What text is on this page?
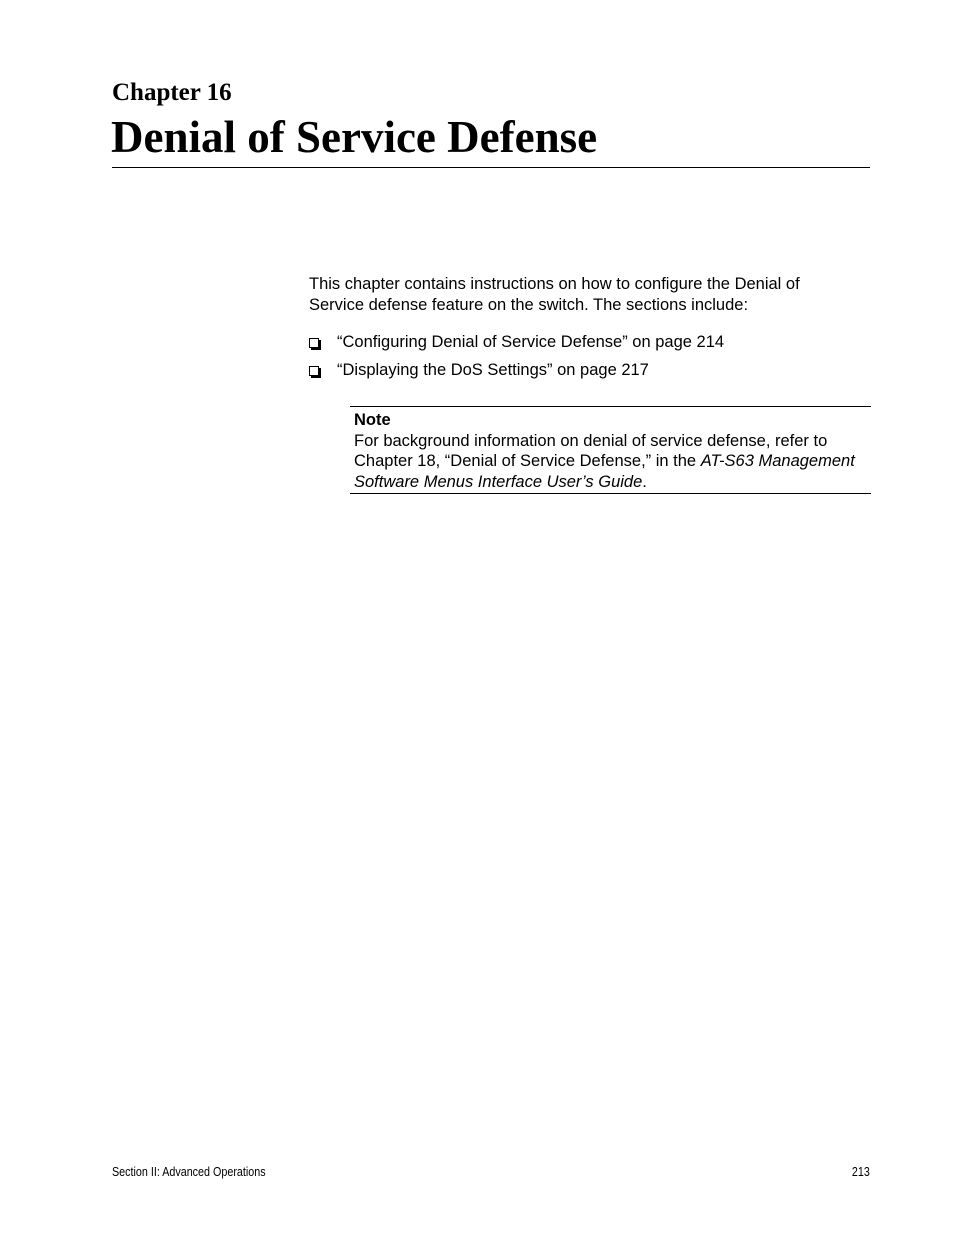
Chapter 16
Denial of Service Defense

This chapter contains instructions on how to configure the Denial of Service defense feature on the switch. The sections include:

“Configuring Denial of Service Defense” on page 214
“Displaying the DoS Settings” on page 217

Note

For background information on denial of service defense, refer to Chapter 18, “Denial of Service Defense,” in the AT-S63 Management Software Menus Interface User’s Guide.

Section II: Advanced Operations	213
